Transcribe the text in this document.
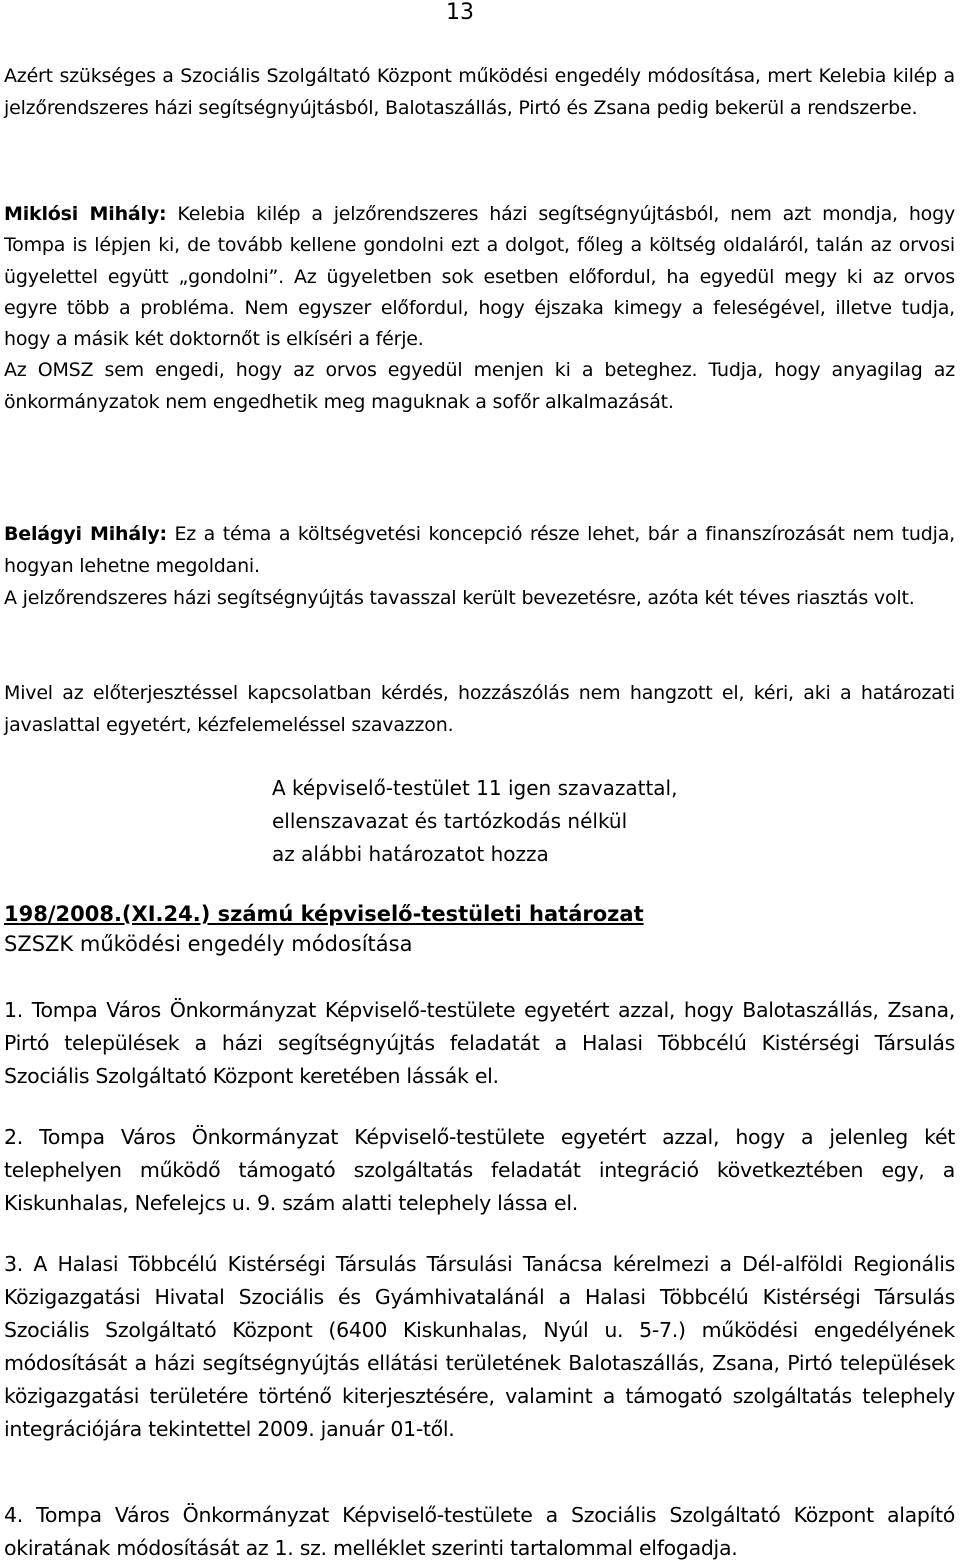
13

Azért szükséges a Szociális Szolgáltató Központ működési engedély módosítása, mert Kelebia kilép a jelzőrendszeres házi segítségnyújtásból, Balotaszállás, Pirtó és Zsana pedig bekerül a rendszerbe.

Miklósi Mihály: Kelebia kilép a jelzőrendszeres házi segítségnyújtásból, nem azt mondja, hogy Tompa is lépjen ki, de tovább kellene gondolni ezt a dolgot, főleg a költség oldaláról, talán az orvosi ügyelettel együtt „gondolni”. Az ügyeletben sok esetben előfordul, ha egyedül megy ki az orvos egyre több a probléma. Nem egyszer előfordul, hogy éjszaka kimegy a feleségével, illetve tudja, hogy a másik két doktornőt is elkíséri a férje.

Az OMSZ sem engedi, hogy az orvos egyedül menjen ki a beteghez. Tudja, hogy anyagilag az önkormányzatok nem engedhetik meg maguknak a sofőr alkalmazását.

Belágyi Mihály: Ez a téma a költségvetési koncepció része lehet, bár a finanszírozását nem tudja, hogyan lehetne megoldani.

A jelzőrendszeres házi segítségnyújtás tavasszal került bevezetésre, azóta két téves riasztás volt.

Mivel az előterjesztéssel kapcsolatban kérdés, hozzászólás nem hangzott el, kéri, aki a határozati javaslattal egyetért, kézfelemeléssel szavazzon.

A képviselő-testület 11 igen szavazattal,

ellenszavazat és tartózkodás nélkül

az alábbi határozatot hozza

198/2008.(XI.24.) számú képviselő-testületi határozat
SZSZK működési engedély módosítása
1. Tompa Város Önkormányzat Képviselő-testülete egyetért azzal, hogy Balotaszállás, Zsana, Pirtó települések a házi segítségnyújtás feladatát a Halasi Többcélú Kistérségi Társulás Szociális Szolgáltató Központ keretében lássák el.
2. Tompa Város Önkormányzat Képviselő-testülete egyetért azzal, hogy a jelenleg két telephelyen működő támogató szolgáltatás feladatát integráció következtében egy, a Kiskunhalas, Nefelejcs u. 9. szám alatti telephely lássa el.
3. A Halasi Többcélú Kistérségi Társulás Társulási Tanácsa kérelmezi a Dél-alföldi Regionális Közigazgatási Hivatal Szociális és Gyámhivatalánál a Halasi Többcélú Kistérségi Társulás Szociális Szolgáltató Központ (6400 Kiskunhalas, Nyúl u. 5-7.) működési engedélyének módosítását a házi segítségnyújtás ellátási területének Balotaszállás, Zsana, Pirtó települések közigazgatási területére történő kiterjesztésére, valamint a támogató szolgáltatás telephely integrációjára tekintettel 2009. január 01-től.
4. Tompa Város Önkormányzat Képviselő-testülete a Szociális Szolgáltató Központ alapító okiratának módosítását az 1. sz. melléklet szerinti tartalommal elfogadja.
